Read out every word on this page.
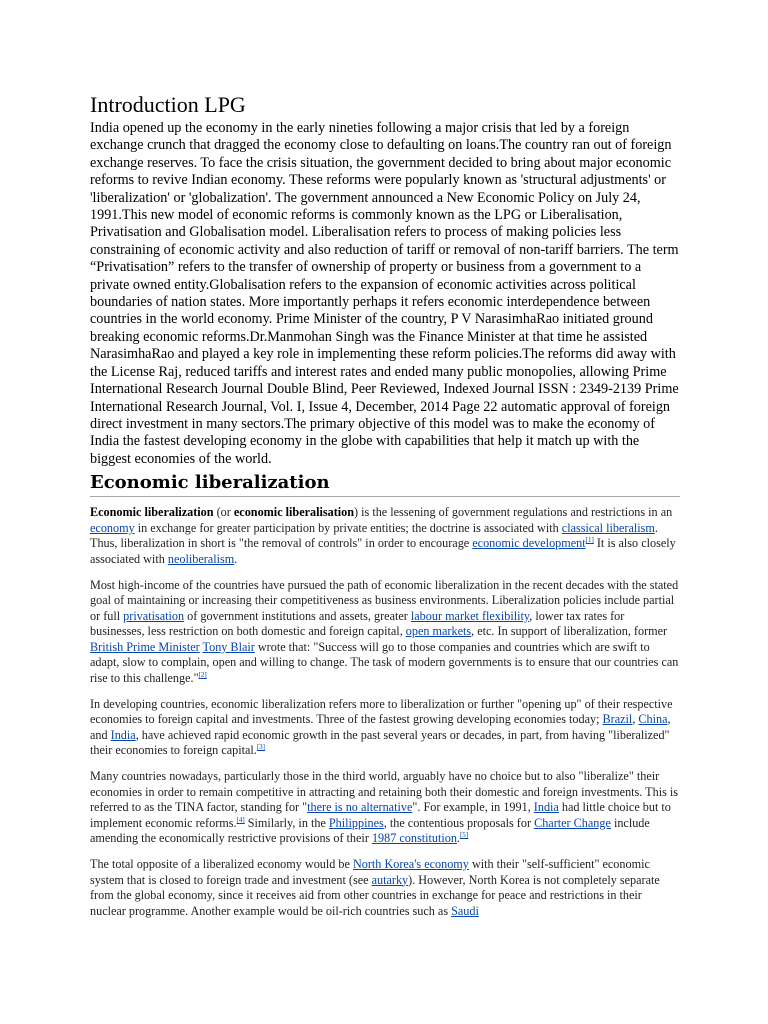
Introduction LPG

India opened up the economy in the early nineties following a major crisis that led by a foreign exchange crunch that dragged the economy close to defaulting on loans.The country ran out of foreign exchange reserves. To face the crisis situation, the government decided to bring about major economic reforms to revive Indian economy. These reforms were popularly known as 'structural adjustments' or 'liberalization' or 'globalization'. The government announced a New Economic Policy on July 24, 1991.This new model of economic reforms is commonly known as the LPG or Liberalisation, Privatisation and Globalisation model. Liberalisation refers to process of making policies less constraining of economic activity and also reduction of tariff or removal of non-tariff barriers. The term “Privatisation” refers to the transfer of ownership of property or business from a government to a private owned entity.Globalisation refers to the expansion of economic activities across political boundaries of nation states. More importantly perhaps it refers economic interdependence between countries in the world economy. Prime Minister of the country, P V NarasimhaRao initiated ground breaking economic reforms.Dr.Manmohan Singh was the Finance Minister at that time he assisted NarasimhaRao and played a key role in implementing these reform policies.The reforms did away with the License Raj, reduced tariffs and interest rates and ended many public monopolies, allowing Prime International Research Journal Double Blind, Peer Reviewed, Indexed Journal ISSN : 2349-2139 Prime International Research Journal, Vol. I, Issue 4, December, 2014 Page 22 automatic approval of foreign direct investment in many sectors.The primary objective of this model was to make the economy of India the fastest developing economy in the globe with capabilities that help it match up with the biggest economies of the world.

Economic liberalization

Economic liberalization (or economic liberalisation) is the lessening of government regulations and restrictions in an economy in exchange for greater participation by private entities; the doctrine is associated with classical liberalism. Thus, liberalization in short is "the removal of controls" in order to encourage economic development[1] It is also closely associated with neoliberalism.

Most high-income of the countries have pursued the path of economic liberalization in the recent decades with the stated goal of maintaining or increasing their competitiveness as business environments. Liberalization policies include partial or full privatisation of government institutions and assets, greater labour market flexibility, lower tax rates for businesses, less restriction on both domestic and foreign capital, open markets, etc. In support of liberalization, former British Prime Minister Tony Blair wrote that: "Success will go to those companies and countries which are swift to adapt, slow to complain, open and willing to change. The task of modern governments is to ensure that our countries can rise to this challenge."[2]

In developing countries, economic liberalization refers more to liberalization or further "opening up" of their respective economies to foreign capital and investments. Three of the fastest growing developing economies today; Brazil, China, and India, have achieved rapid economic growth in the past several years or decades, in part, from having "liberalized" their economies to foreign capital.[3]

Many countries nowadays, particularly those in the third world, arguably have no choice but to also "liberalize" their economies in order to remain competitive in attracting and retaining both their domestic and foreign investments. This is referred to as the TINA factor, standing for "there is no alternative". For example, in 1991, India had little choice but to implement economic reforms.[4] Similarly, in the Philippines, the contentious proposals for Charter Change include amending the economically restrictive provisions of their 1987 constitution.[5]

The total opposite of a liberalized economy would be North Korea's economy with their "self-sufficient" economic system that is closed to foreign trade and investment (see autarky). However, North Korea is not completely separate from the global economy, since it receives aid from other countries in exchange for peace and restrictions in their nuclear programme. Another example would be oil-rich countries such as Saudi
